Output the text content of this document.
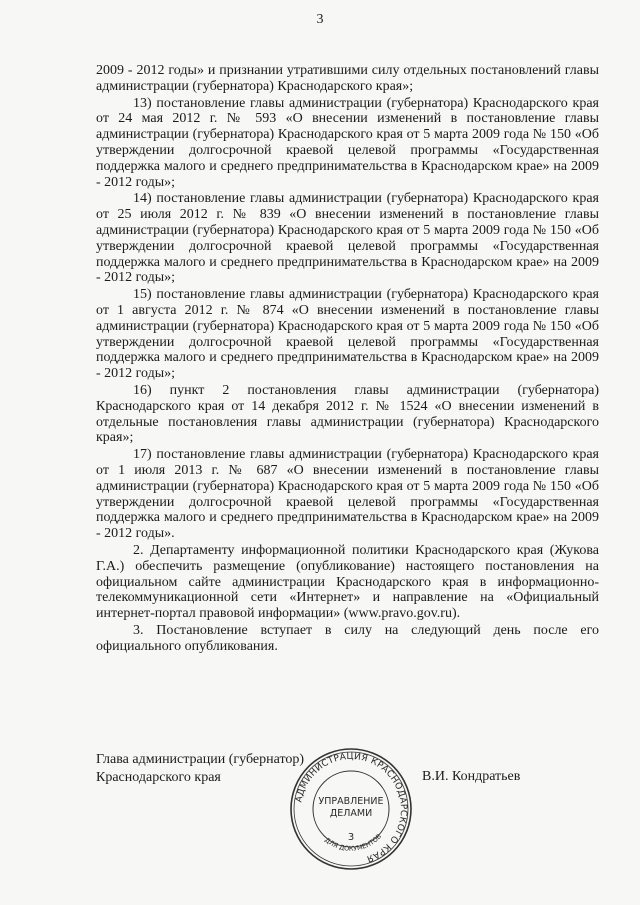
3

2009 - 2012 годы» и признании утратившими силу отдельных постановлений главы администрации (губернатора) Краснодарского края»;

13) постановление главы администрации (губернатора) Краснодарского края от 24 мая 2012 г. № 593 «О внесении изменений в постановление главы администрации (губернатора) Краснодарского края от 5 марта 2009 года № 150 «Об утверждении долгосрочной краевой целевой программы «Государственная поддержка малого и среднего предпринимательства в Краснодарском крае» на 2009 - 2012 годы»;

14) постановление главы администрации (губернатора) Краснодарского края от 25 июля 2012 г. № 839 «О внесении изменений в постановление главы администрации (губернатора) Краснодарского края от 5 марта 2009 года № 150 «Об утверждении долгосрочной краевой целевой программы «Государственная поддержка малого и среднего предпринимательства в Краснодарском крае» на 2009 - 2012 годы»;

15) постановление главы администрации (губернатора) Краснодарского края от 1 августа 2012 г. № 874 «О внесении изменений в постановление главы администрации (губернатора) Краснодарского края от 5 марта 2009 года № 150 «Об утверждении долгосрочной краевой целевой программы «Государственная поддержка малого и среднего предпринимательства в Краснодарском крае» на 2009 - 2012 годы»;

16) пункт 2 постановления главы администрации (губернатора) Краснодарского края от 14 декабря 2012 г. № 1524 «О внесении изменений в отдельные постановления главы администрации (губернатора) Краснодарского края»;

17) постановление главы администрации (губернатора) Краснодарского края от 1 июля 2013 г. № 687 «О внесении изменений в постановление главы администрации (губернатора) Краснодарского края от 5 марта 2009 года № 150 «Об утверждении долгосрочной краевой целевой программы «Государственная поддержка малого и среднего предпринимательства в Краснодарском крае» на 2009 - 2012 годы».

2. Департаменту информационной политики Краснодарского края (Жукова Г.А.) обеспечить размещение (опубликование) настоящего постановления на официальном сайте администрации Краснодарского края в информационно-телекоммуникационной сети «Интернет» и направление на «Официальный интернет-портал правовой информации» (www.pravo.gov.ru).

3. Постановление вступает в силу на следующий день после его официального опубликования.

Глава администрации (губернатор)
Краснодарского края	В.И. Кондратьев
АДМИНИСТРАЦИЯ КРАСНОДАРСКОГО КРАЯ
УПРАВЛЕНИЕ
ДЕЛАМИ
3
ДЛЯ ДОКУМЕНТОВ
